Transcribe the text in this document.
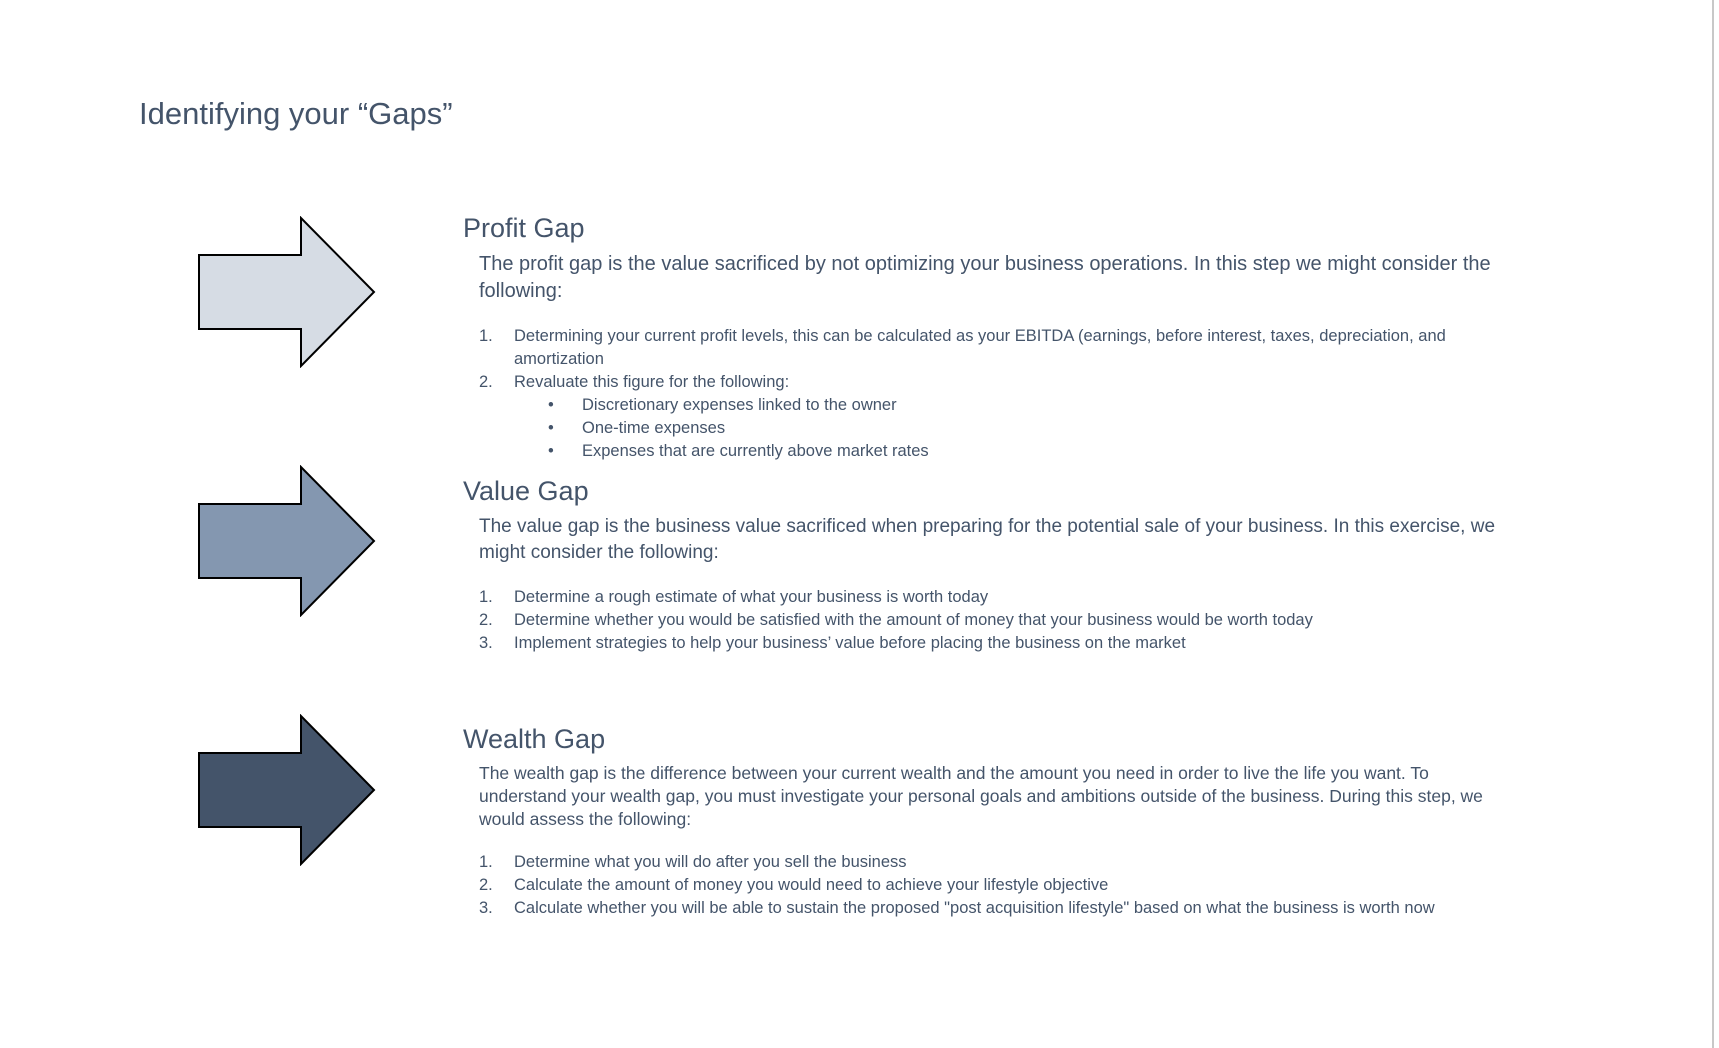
Identifying your “Gaps”
Profit Gap

The profit gap is the value sacrificed by not optimizing your business operations. In this step we might consider the following:

1. Determining your current profit levels, this can be calculated as your EBITDA (earnings, before interest, taxes, depreciation, and amortization
2. Revaluate this figure for the following:
• Discretionary expenses linked to the owner
• One-time expenses
• Expenses that are currently above market rates
Value Gap

The value gap is the business value sacrificed when preparing for the potential sale of your business. In this exercise, we might consider the following:

1. Determine a rough estimate of what your business is worth today
2. Determine whether you would be satisfied with the amount of money that your business would be worth today
3. Implement strategies to help your business’ value before placing the business on the market
Wealth Gap

The wealth gap is the difference between your current wealth and the amount you need in order to live the life you want. To understand your wealth gap, you must investigate your personal goals and ambitions outside of the business. During this step, we would assess the following:

1. Determine what you will do after you sell the business
2. Calculate the amount of money you would need to achieve your lifestyle objective
3. Calculate whether you will be able to sustain the proposed "post acquisition lifestyle" based on what the business is worth now
